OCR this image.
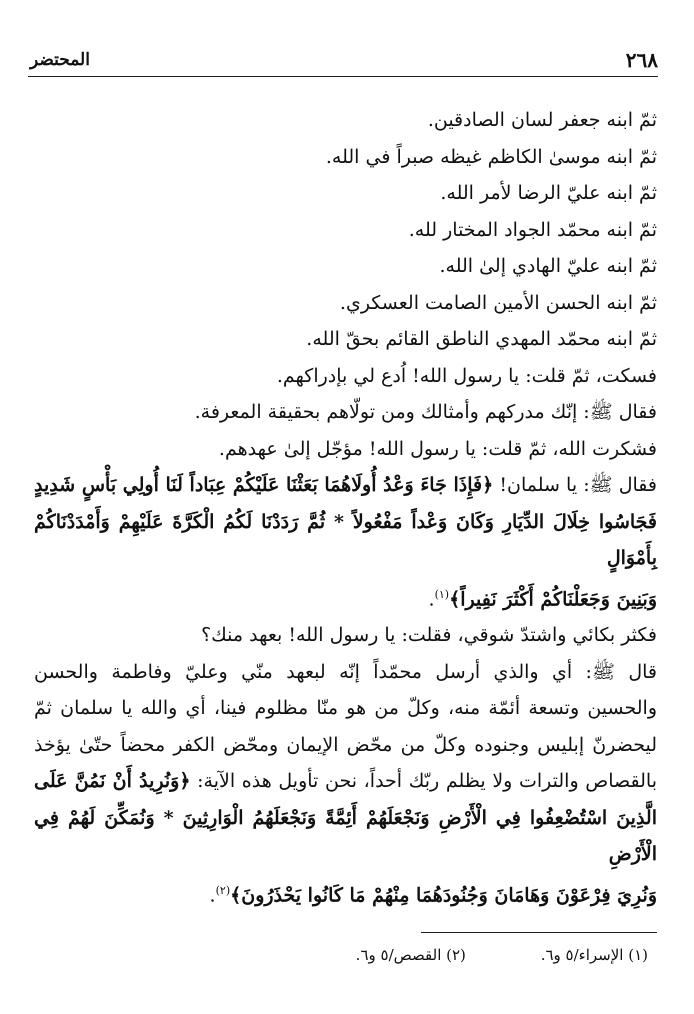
٢٦٨
المحتضر

ثمّ ابنه جعفر لسان الصادقين.

ثمّ ابنه موسىٰ الكاظم غيظه صبراً في الله.

ثمّ ابنه عليّ الرضا لأمر الله.

ثمّ ابنه محمّد الجواد المختار لله.

ثمّ ابنه عليّ الهادي إلىٰ الله.

ثمّ ابنه الحسن الأمين الصامت العسكري.

ثمّ ابنه محمّد المهدي الناطق القائم بحقّ الله.

فسكت، ثمّ قلت: يا رسول الله! اُدع لي بإدراكهم.

فقال ﷺ: إنّك مدركهم وأمثالك ومن تولّاهم بحقيقة المعرفة.

فشكرت الله، ثمّ قلت: يا رسول الله! مؤجّل إلىٰ عهدهم.

فقال ﷺ: يا سلمان! ﴿فَإِذَا جَاءَ وَعْدُ أُولَاهُمَا بَعَثْنَا عَلَيْكُمْ عِبَاداً لَنَا أُولِي بَأْسٍ شَدِيدٍ

فَجَاسُوا خِلَالَ الدِّيَارِ وَكَانَ وَعْداً مَفْعُولاً * ثُمَّ رَدَدْنَا لَكُمُ الْكَرَّةَ عَلَيْهِمْ وَأَمْدَدْنَاكُمْ بِأَمْوَالٍ

وَبَنِينَ وَجَعَلْنَاكُمْ أَكْثَرَ نَفِيراً﴾$^{(١)}$.

فكثر بكائي واشتدّ شوقي، فقلت: يا رسول الله! بعهد منك؟

قال ﷺ: أي والذي أرسل محمّداً إنّه لبعهد منّي وعليّ وفاطمة والحسن

والحسين وتسعة أئمّة منه، وكلّ من هو منّا مظلوم فينا، أي والله يا سلمان ثمّ

ليحضرنّ إبليس وجنوده وكلّ من محّض الإيمان ومحّض الكفر محضاً حتّىٰ يؤخذ

بالقصاص والترات ولا يظلم ربّك أحداً، نحن تأويل هذه الآية: ﴿وَنُرِيدُ أَنْ نَمُنَّ عَلَى

الَّذِينَ اسْتُضْعِفُوا فِي الْأَرْضِ وَنَجْعَلَهُمْ أَئِمَّةً وَنَجْعَلَهُمُ الْوَارِثِينَ * وَنُمَكِّنَ لَهُمْ فِي الْأَرْضِ

وَنُرِيَ فِرْعَوْنَ وَهَامَانَ وَجُنُودَهُمَا مِنْهُمْ مَا كَانُوا يَحْذَرُونَ﴾$^{(٢)}$.

(١) الإسراء/٥ و٦. (٢) القصص/٥ و٦.
